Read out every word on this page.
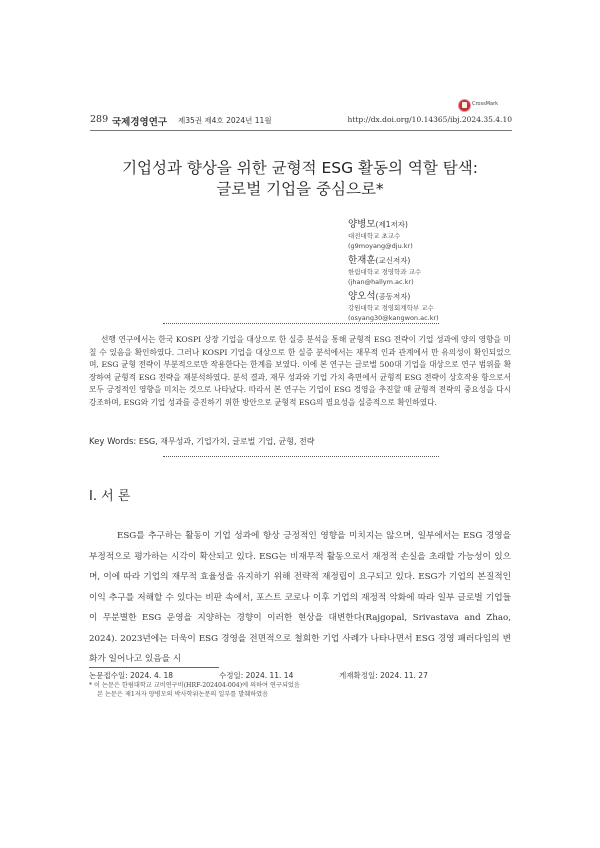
CrossMark
289 국제경영연구 제35권 제4호 2024년 11월	http://dx.doi.org/10.14365/ibj.2024.35.4.10
기업성과 향상을 위한 균형적 ESG 활동의 역할 탐색:
글로벌 기업을 중심으로*
양병모(제1저자)
대전대학교 초교수
(g9moyang@dju.kr)
한재훈(교신저자)
한림대학교 경영학과 교수
(jhan@hallym.ac.kr)
양오석(공동저자)
강원대학교 경영회계학부 교수
(osyang30@kangwon.ac.kr)
선행 연구에서는 한국 KOSPI 상장 기업을 대상으로 한 실증 분석을 통해 균형적 ESG 전략이 기업 성과에 양의 영향을 미칠 수 있음을 확인하였다. 그러나 KOSPI 기업을 대상으로 한 실증 분석에서는 재무적 인과 관계에서 만 유의성이 확인되었으며, ESG 균형 전략이 부분적으로만 작용한다는 한계를 보였다. 이에 본 연구는 글로벌 500대 기업을 대상으로 연구 범위를 확장하여 균형적 ESG 전략을 재분석하였다. 분석 결과, 재무 성과와 기업 가치 측면에서 균형적 ESG 전략이 상호작용 항으로서 모두 긍정적인 영향을 미치는 것으로 나타났다. 따라서 본 연구는 기업이 ESG 경영을 추진할 때 균형적 전략의 중요성을 다시 강조하며, ESG와 기업 성과를 증진하기 위한 방안으로 균형적 ESG의 필요성을 실증적으로 확인하였다.
Key Words: ESG, 재무성과, 기업가치, 글로벌 기업, 균형, 전략
Ⅰ. 서 론
ESG를 추구하는 활동이 기업 성과에 항상 긍정적인 영향을 미치지는 않으며, 일부에서는 ESG 경영을 부정적으로 평가하는 시각이 확산되고 있다. ESG는 비재무적 활동으로서 재정적 손실을 초래할 가능성이 있으며, 이에 따라 기업의 재무적 효율성을 유지하기 위해 전략적 재정립이 요구되고 있다. ESG가 기업의 본질적인 이익 추구를 저해할 수 있다는 비판 속에서, 포스트 코로나 이후 기업의 재정적 악화에 따라 일부 글로벌 기업들이 무분별한 ESG 운영을 지양하는 경향이 이러한 현상을 대변한다(Rajgopal, Srivastava and Zhao, 2024). 2023년에는 더욱이 ESG 경영을 전면적으로 철회한 기업 사례가 나타나면서 ESG 경영 패러다임의 변화가 일어나고 있음을 시
논문접수일: 2024. 4. 18	수정일: 2024. 11. 14	게재확정일: 2024. 11. 27
* 이 논문은 한림대학교 교비연구비(HRF-202404-004)에 의하여 연구되었음
본 논문은 제1저자 양병모의 박사학위논문의 일부를 발췌하였음
